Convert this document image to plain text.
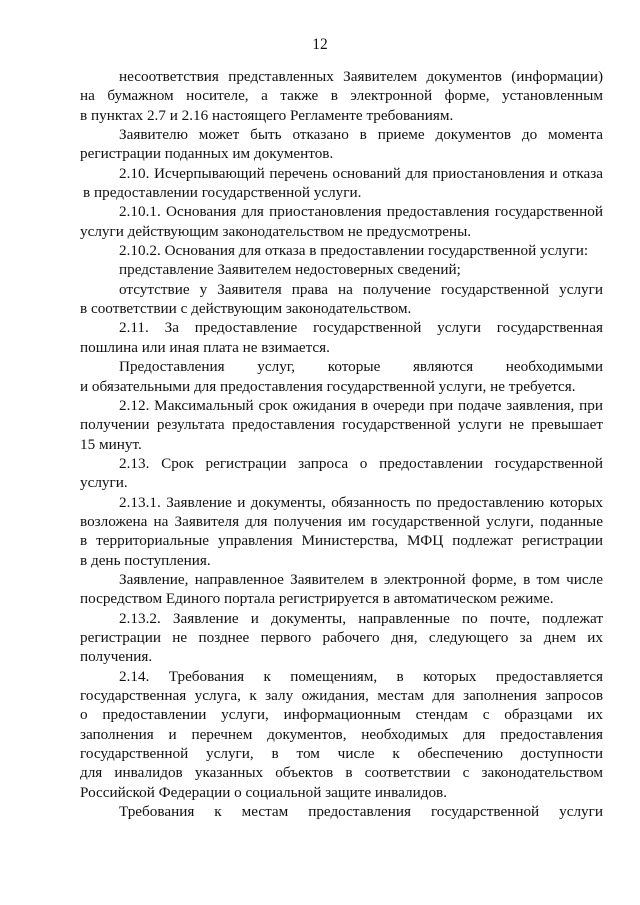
12
несоответствия представленных Заявителем документов (информации)
на бумажном носителе, а также в электронной форме, установленным
в пунктах 2.7 и 2.16 настоящего Регламенте требованиям.
Заявителю может быть отказано в приеме документов до момента
регистрации поданных им документов.
2.10. Исчерпывающий перечень оснований для приостановления и отказа
в предоставлении государственной услуги.
2.10.1. Основания для приостановления предоставления государственной
услуги действующим законодательством не предусмотрены.
2.10.2. Основания для отказа в предоставлении государственной услуги:
представление Заявителем недостоверных сведений;
отсутствие у Заявителя права на получение государственной услуги
в соответствии с действующим законодательством.
2.11. За предоставление государственной услуги государственная
пошлина или иная плата не взимается.
Предоставления услуг, которые являются необходимыми
и обязательными для предоставления государственной услуги, не требуется.
2.12. Максимальный срок ожидания в очереди при подаче заявления, при
получении результата предоставления государственной услуги не превышает
15 минут.
2.13. Срок регистрации запроса о предоставлении государственной
услуги.
2.13.1. Заявление и документы, обязанность по предоставлению которых
возложена на Заявителя для получения им государственной услуги, поданные
в территориальные управления Министерства, МФЦ подлежат регистрации
в день поступления.
Заявление, направленное Заявителем в электронной форме, в том числе
посредством Единого портала регистрируется в автоматическом режиме.
2.13.2. Заявление и документы, направленные по почте, подлежат
регистрации не позднее первого рабочего дня, следующего за днем их
получения.
2.14. Требования к помещениям, в которых предоставляется
государственная услуга, к залу ожидания, местам для заполнения запросов
о предоставлении услуги, информационным стендам с образцами их
заполнения и перечнем документов, необходимых для предоставления
государственной услуги, в том числе к обеспечению доступности
для инвалидов указанных объектов в соответствии с законодательством
Российской Федерации о социальной защите инвалидов.
Требования к местам предоставления государственной услуги
